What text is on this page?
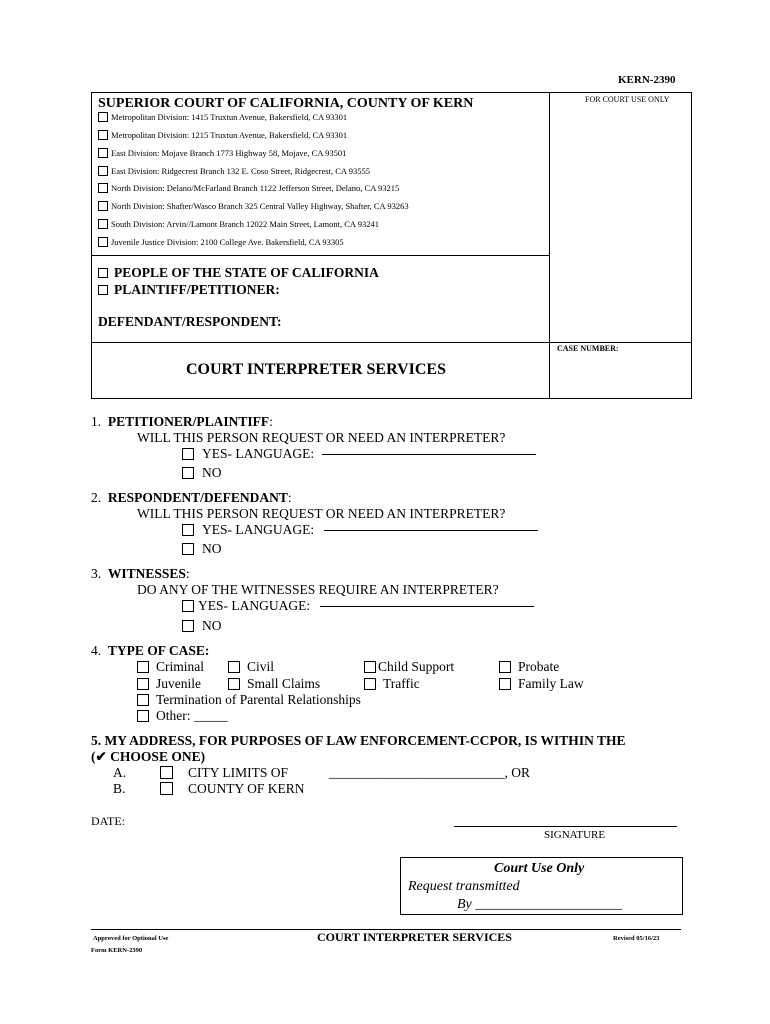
KERN-2390
FOR COURT USE ONLY
SUPERIOR COURT OF CALIFORNIA, COUNTY OF KERN
Metropolitan Division: 1415 Truxtun Avenue, Bakersfield, CA 93301
Metropolitan Division: 1215 Truxtun Avenue, Bakersfield, CA 93301
East Division: Mojave Branch 1773 Highway 58, Mojave, CA 93501
East Division: Ridgecrest Branch 132 E. Coso Street, Ridgecrest, CA 93555
North Division: Delano/McFarland Branch 1122 Jefferson Street, Delano, CA 93215
North Division: Shafter/Wasco Branch 325 Central Valley Highway, Shafter, CA 93263
South Division: Arvin//Lamont Branch 12022 Main Street, Lamont, CA 93241
Juvenile Justice Division: 2100 College Ave. Bakersfield, CA 93305
PEOPLE OF THE STATE OF CALIFORNIA
PLAINTIFF/PETITIONER:
DEFENDANT/RESPONDENT:
CASE NUMBER:
COURT INTERPRETER SERVICES
1. PETITIONER/PLAINTIFF:
WILL THIS PERSON REQUEST OR NEED AN INTERPRETER?
YES- LANGUAGE:
NO
2. RESPONDENT/DEFENDANT:
WILL THIS PERSON REQUEST OR NEED AN INTERPRETER?
YES- LANGUAGE:
NO
3. WITNESSES:
DO ANY OF THE WITNESSES REQUIRE AN INTERPRETER?
YES- LANGUAGE:
NO
4. TYPE OF CASE:
Criminal	Civil	Child Support	Probate
Juvenile	Small Claims	Traffic	Family Law
Termination of Parental Relationships
Other: _____
5. MY ADDRESS, FOR PURPOSES OF LAW ENFORCEMENT-CCPOR, IS WITHIN THE
(✔ CHOOSE ONE)
A.	CITY LIMITS OF	__________________________, OR
B.	COUNTY OF KERN
DATE:
SIGNATURE
Court Use Only
Request transmitted
By _____________________
Approved for Optional Use
Form KERN-2390
COURT INTERPRETER SERVICES	Revised 05/16/23
